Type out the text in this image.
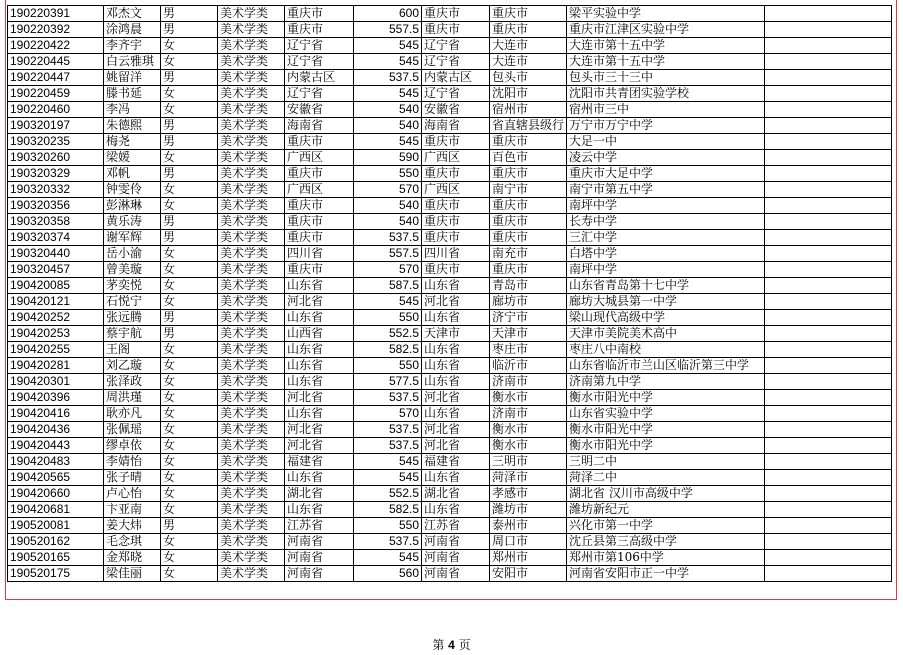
190220391	邓杰文	男	美术学类	重庆市	600	重庆市	重庆市	梁平实验中学	
190220392	涂鸿晨	男	美术学类	重庆市	557.5	重庆市	重庆市	重庆市江津区实验中学	
190220422	李齐宇	女	美术学类	辽宁省	545	辽宁省	大连市	大连市第十五中学	
190220445	白云雅琪	女	美术学类	辽宁省	545	辽宁省	大连市	大连市第十五中学	
190220447	姚留洋	男	美术学类	内蒙古区	537.5	内蒙古区	包头市	包头市三十三中	
190220459	滕书延	女	美术学类	辽宁省	545	辽宁省	沈阳市	沈阳市共青团实验学校	
190220460	李冯	女	美术学类	安徽省	540	安徽省	宿州市	宿州市三中	
190320197	朱德熙	男	美术学类	海南省	540	海南省	省直辖县级行	万宁市万宁中学	
190320235	梅尧	男	美术学类	重庆市	545	重庆市	重庆市	大足一中	
190320260	梁媛	女	美术学类	广西区	590	广西区	百色市	凌云中学	
190320329	邓帆	男	美术学类	重庆市	550	重庆市	重庆市	重庆市大足中学	
190320332	钟雯伶	女	美术学类	广西区	570	广西区	南宁市	南宁市第五中学	
190320356	彭淋琳	女	美术学类	重庆市	540	重庆市	重庆市	南坪中学	
190320358	黄乐涛	男	美术学类	重庆市	540	重庆市	重庆市	长寿中学	
190320374	谢军辉	男	美术学类	重庆市	537.5	重庆市	重庆市	三汇中学	
190320440	岳小渝	女	美术学类	四川省	557.5	四川省	南充市	白塔中学	
190320457	曾美璇	女	美术学类	重庆市	570	重庆市	重庆市	南坪中学	
190420085	茅奕悦	女	美术学类	山东省	587.5	山东省	青岛市	山东省青岛第十七中学	
190420121	石悦宁	女	美术学类	河北省	545	河北省	廊坊市	廊坊大城县第一中学	
190420252	张远腾	男	美术学类	山东省	550	山东省	济宁市	梁山现代高级中学	
190420253	蔡宇航	男	美术学类	山西省	552.5	天津市	天津市	天津市美院美术高中	
190420255	王阁	女	美术学类	山东省	582.5	山东省	枣庄市	枣庄八中南校	
190420281	刘乙璇	女	美术学类	山东省	550	山东省	临沂市	山东省临沂市兰山区临沂第三中学	
190420301	张泽政	女	美术学类	山东省	577.5	山东省	济南市	济南第九中学	
190420396	周洪瑾	女	美术学类	河北省	537.5	河北省	衡水市	衡水市阳光中学	
190420416	耿亦凡	女	美术学类	山东省	570	山东省	济南市	山东省实验中学	
190420436	张佩瑶	女	美术学类	河北省	537.5	河北省	衡水市	衡水市阳光中学	
190420443	缪卓依	女	美术学类	河北省	537.5	河北省	衡水市	衡水市阳光中学	
190420483	李婧怡	女	美术学类	福建省	545	福建省	三明市	三明二中	
190420565	张子晴	女	美术学类	山东省	545	山东省	菏泽市	菏泽二中	
190420660	卢心怡	女	美术学类	湖北省	552.5	湖北省	孝感市	湖北省 汉川市高级中学	
190420681	卞亚南	女	美术学类	山东省	582.5	山东省	潍坊市	潍坊新纪元	
190520081	姜大炜	男	美术学类	江苏省	550	江苏省	泰州市	兴化市第一中学	
190520162	毛念琪	女	美术学类	河南省	537.5	河南省	周口市	沈丘县第三高级中学	
190520165	金郑晓	女	美术学类	河南省	545	河南省	郑州市	郑州市第106中学	
190520175	梁佳丽	女	美术学类	河南省	560	河南省	安阳市	河南省安阳市正一中学	
第 4 页
